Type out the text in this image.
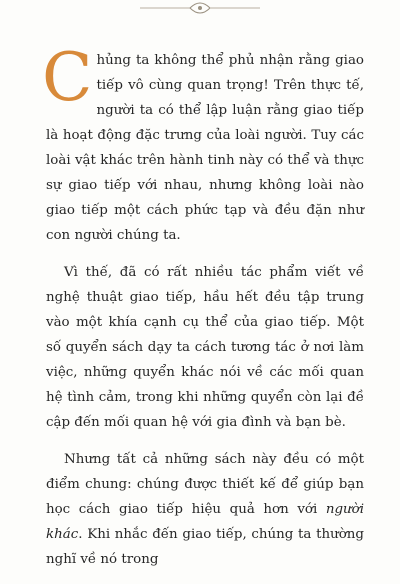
Chủng ta không thể phủ nhận rằng giao tiếp vô cùng quan trọng! Trên thực tế, người ta có thể lập luận rằng giao tiếp là hoạt động đặc trưng của loài người. Tuy các loài vật khác trên hành tinh này có thể và thực sự giao tiếp với nhau, nhưng không loài nào giao tiếp một cách phức tạp và đều đặn như con người chúng ta.

Vì thế, đã có rất nhiều tác phẩm viết về nghệ thuật giao tiếp, hầu hết đều tập trung vào một khía cạnh cụ thể của giao tiếp. Một số quyển sách dạy ta cách tương tác ở nơi làm việc, những quyển khác nói về các mối quan hệ tình cảm, trong khi những quyển còn lại đề cập đến mối quan hệ với gia đình và bạn bè.

Nhưng tất cả những sách này đều có một điểm chung: chúng được thiết kế để giúp bạn học cách giao tiếp hiệu quả hơn với người khác. Khi nhắc đến giao tiếp, chúng ta thường nghĩ về nó trong
